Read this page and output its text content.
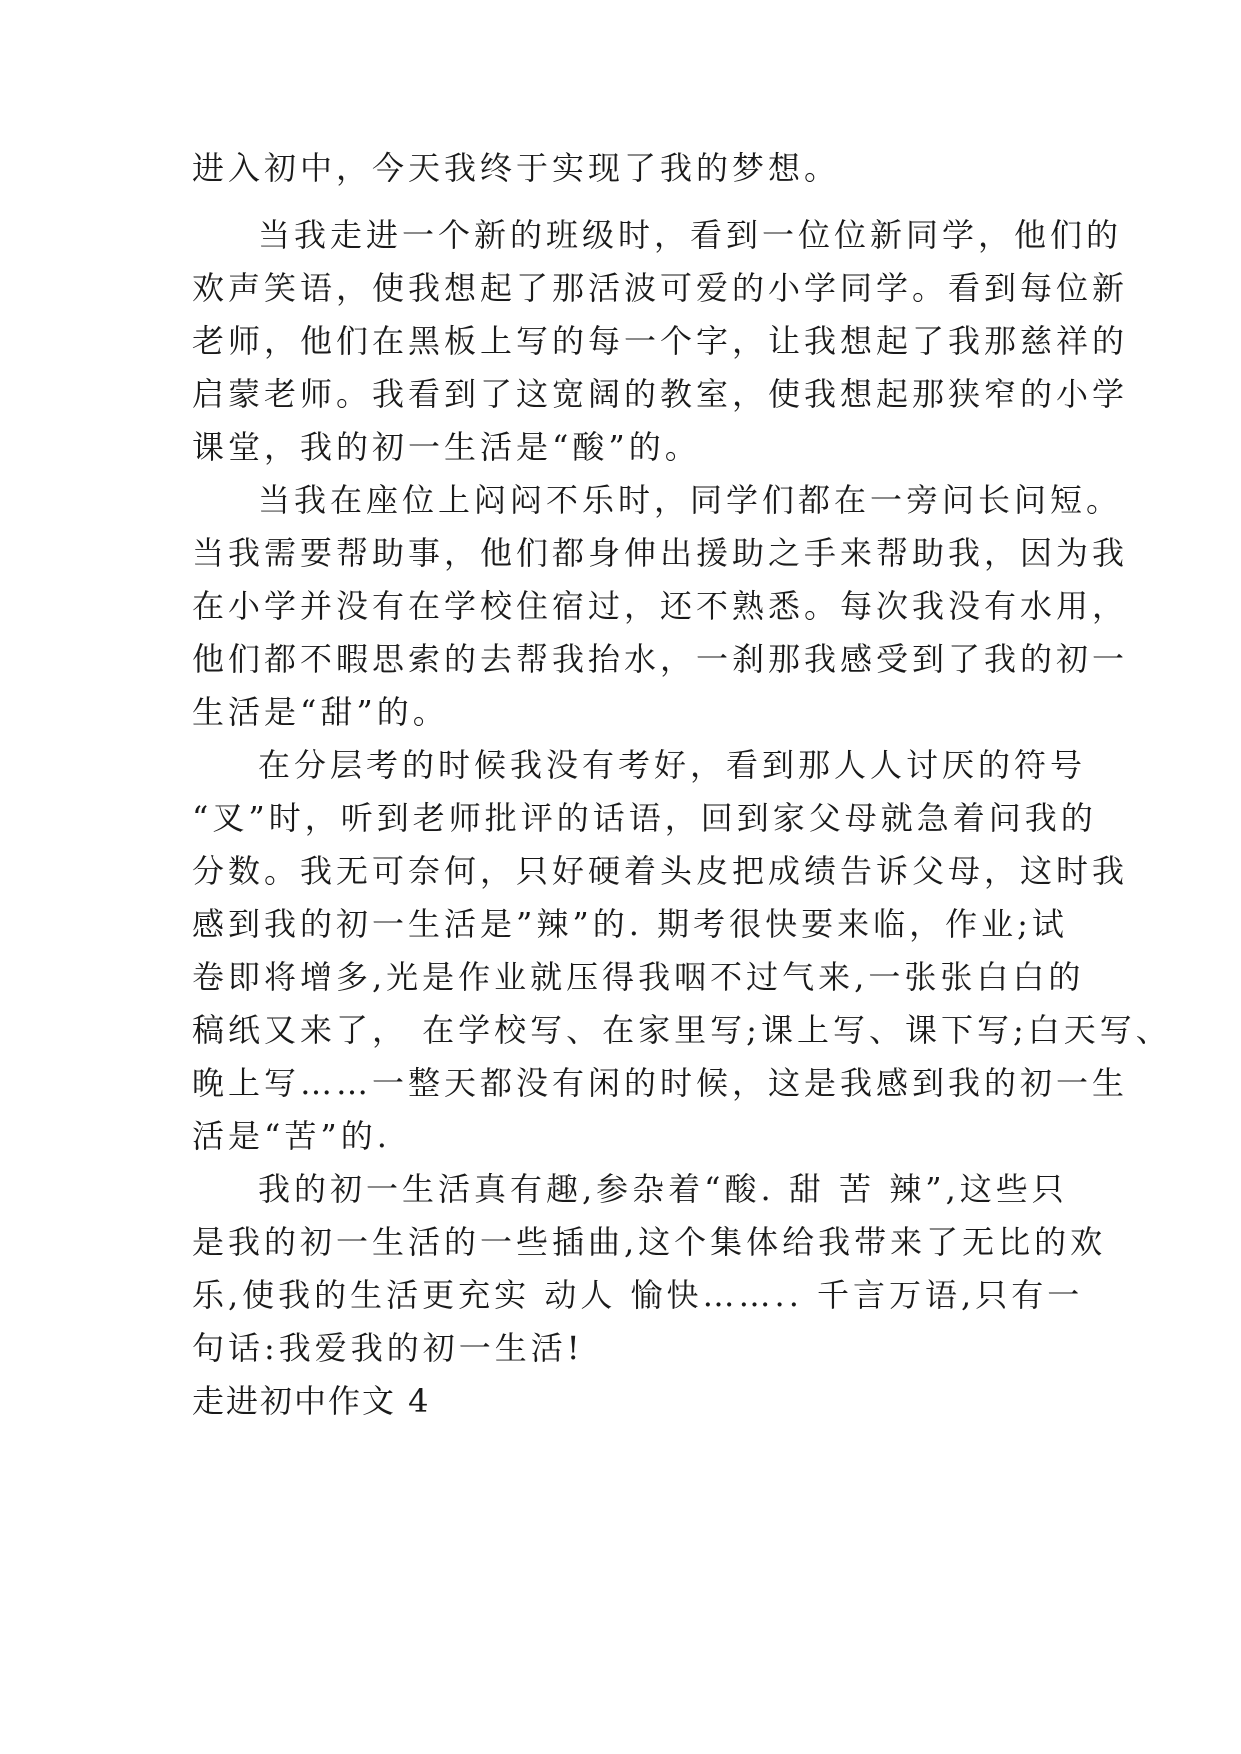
进入初中，今天我终于实现了我的梦想。
当我走进一个新的班级时，看到一位位新同学，他们的
欢声笑语，使我想起了那活波可爱的小学同学。看到每位新
老师，他们在黑板上写的每一个字，让我想起了我那慈祥的
启蒙老师。我看到了这宽阔的教室，使我想起那狭窄的小学
课堂，我的初一生活是“酸”的。
当我在座位上闷闷不乐时，同学们都在一旁问长问短。
当我需要帮助事，他们都身伸出援助之手来帮助我，因为我
在小学并没有在学校住宿过，还不熟悉。每次我没有水用，
他们都不暇思索的去帮我抬水，一刹那我感受到了我的初一
生活是“甜”的。
在分层考的时候我没有考好，看到那人人讨厌的符号
“叉”时，听到老师批评的话语，回到家父母就急着问我的
分数。我无可奈何，只好硬着头皮把成绩告诉父母，这时我
感到我的初一生活是”辣”的. 期考很快要来临，作业;试
卷即将增多,光是作业就压得我咽不过气来,一张张白白的
稿纸又来了， 在学校写、在家里写;课上写、课下写;白天写、
晚上写……一整天都没有闲的时候，这是我感到我的初一生
活是“苦”的.
我的初一生活真有趣,参杂着“酸. 甜 苦 辣”,这些只
是我的初一生活的一些插曲,这个集体给我带来了无比的欢
乐,使我的生活更充实 动人 愉快…….. 千言万语,只有一
句话:我爱我的初一生活!
走进初中作文 4
